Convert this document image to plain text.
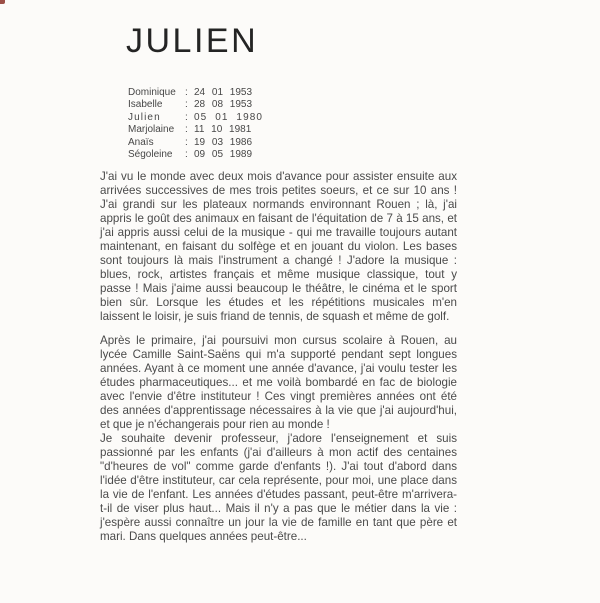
JULIEN
Dominique : 24 01 1953
Isabelle	: 28 08 1953
Julien	: 05 01 1980
Marjolaine	: 11 10 1981
Anaïs	: 19 03 1986
Ségoleine	: 09 05 1989

J'ai vu le monde avec deux mois d'avance pour assister ensuite aux arrivées successives de mes trois petites soeurs, et ce sur 10 ans ! J'ai grandi sur les plateaux normands environnant Rouen ; là, j'ai appris le goût des animaux en faisant de l'équitation de 7 à 15 ans, et j'ai appris aussi celui de la musique - qui me travaille toujours autant maintenant, en faisant du solfège et en jouant du violon. Les bases sont toujours là mais l'instrument a changé ! J'adore la musique : blues, rock, artistes français et même musique classique, tout y passe ! Mais j'aime aussi beaucoup le théâtre, le cinéma et le sport bien sûr. Lorsque les études et les répétitions musicales m'en laissent le loisir, je suis friand de tennis, de squash et même de golf.

Après le primaire, j'ai poursuivi mon cursus scolaire à Rouen, au lycée Camille Saint-Saëns qui m'a supporté pendant sept longues années. Ayant à ce moment une année d'avance, j'ai voulu tester les études pharmaceutiques... et me voilà bombardé en fac de biologie avec l'envie d'être instituteur ! Ces vingt premières années ont été des années d'apprentissage nécessaires à la vie que j'ai aujourd'hui, et que je n'échangerais pour rien au monde !

Je souhaite devenir professeur, j'adore l'enseignement et suis passionné par les enfants (j'ai d'ailleurs à mon actif des centaines "d'heures de vol" comme garde d'enfants !). J'ai tout d'abord dans l'idée d'être instituteur, car cela représente, pour moi, une place dans la vie de l'enfant. Les années d'études passant, peut-être m'arrivera-t-il de viser plus haut... Mais il n'y a pas que le métier dans la vie : j'espère aussi connaître un jour la vie de famille en tant que père et mari. Dans quelques années peut-être...
